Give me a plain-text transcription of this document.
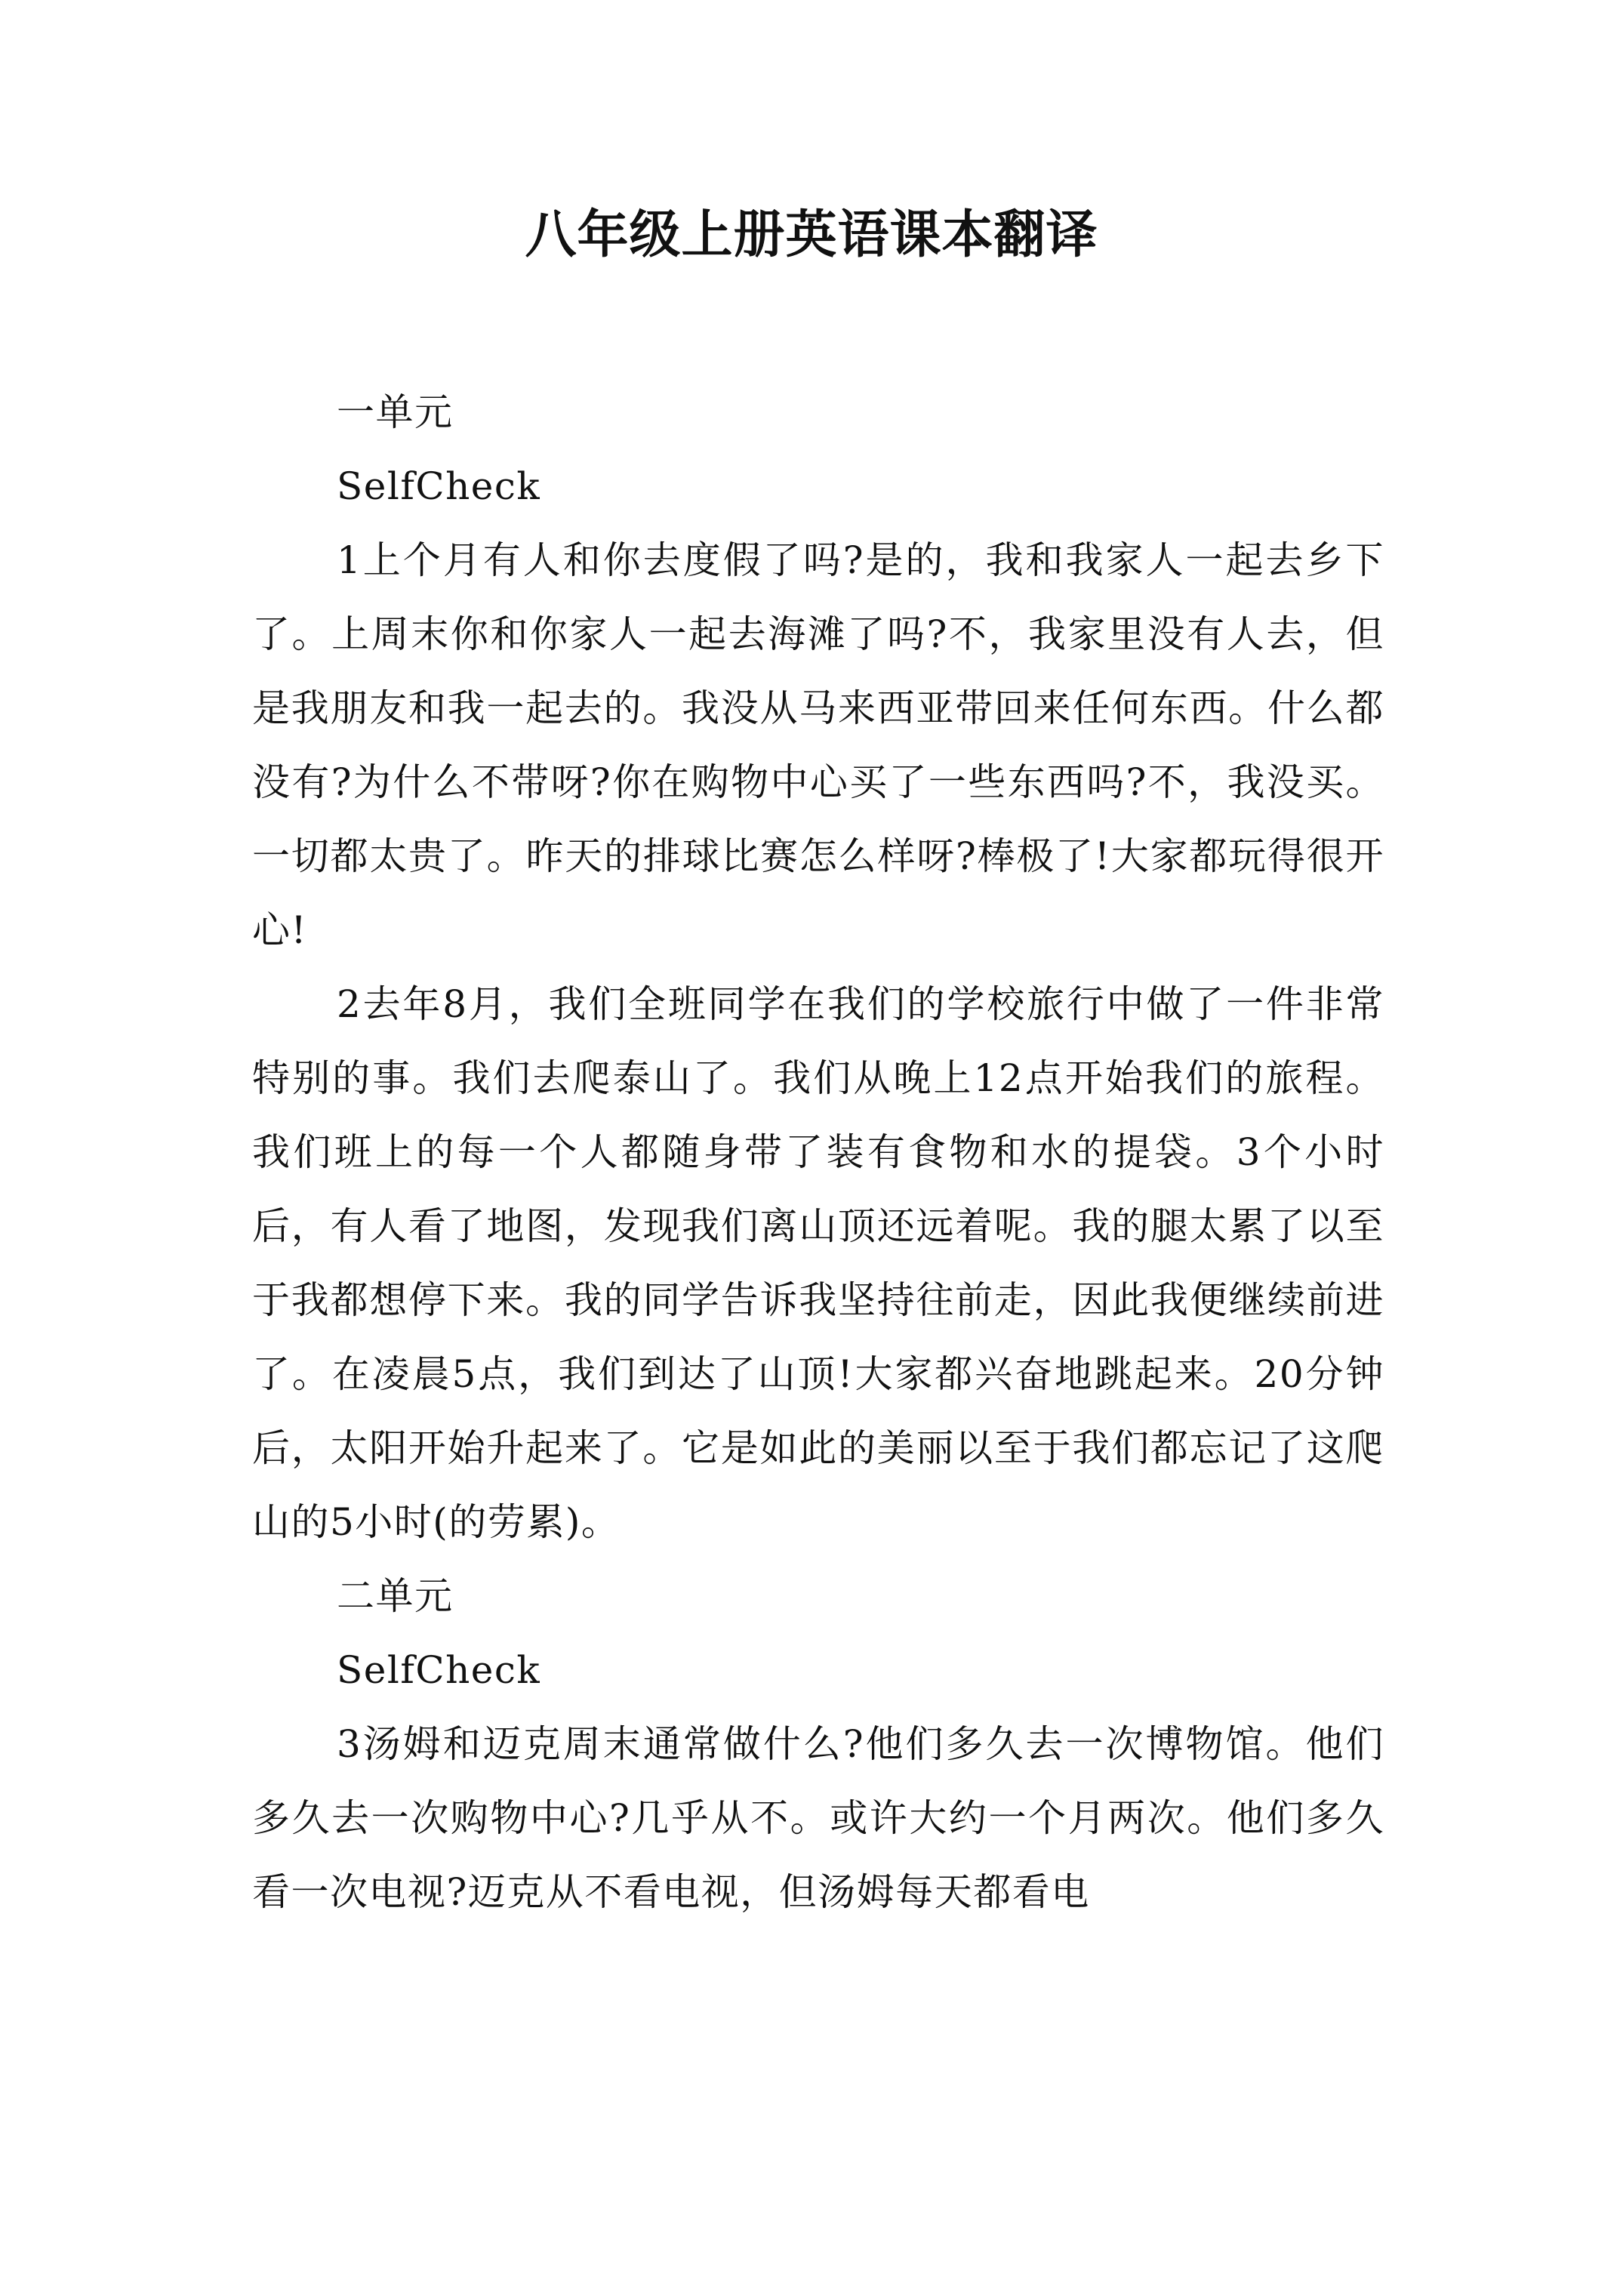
八年级上册英语课本翻译

一单元

SelfCheck

1上个月有人和你去度假了吗?是的，我和我家人一起去乡下了。上周末你和你家人一起去海滩了吗?不，我家里没有人去，但是我朋友和我一起去的。我没从马来西亚带回来任何东西。什么都没有?为什么不带呀?你在购物中心买了一些东西吗?不，我没买。一切都太贵了。昨天的排球比赛怎么样呀?棒极了!大家都玩得很开心!

2去年8月，我们全班同学在我们的学校旅行中做了一件非常特别的事。我们去爬泰山了。我们从晚上12点开始我们的旅程。我们班上的每一个人都随身带了装有食物和水的提袋。3个小时后，有人看了地图，发现我们离山顶还远着呢。我的腿太累了以至于我都想停下来。我的同学告诉我坚持往前走，因此我便继续前进了。在凌晨5点，我们到达了山顶!大家都兴奋地跳起来。20分钟后，太阳开始升起来了。它是如此的美丽以至于我们都忘记了这爬山的5小时(的劳累)。

二单元

SelfCheck

3汤姆和迈克周末通常做什么?他们多久去一次博物馆。他们多久去一次购物中心?几乎从不。或许大约一个月两次。他们多久看一次电视?迈克从不看电视，但汤姆每天都看电
